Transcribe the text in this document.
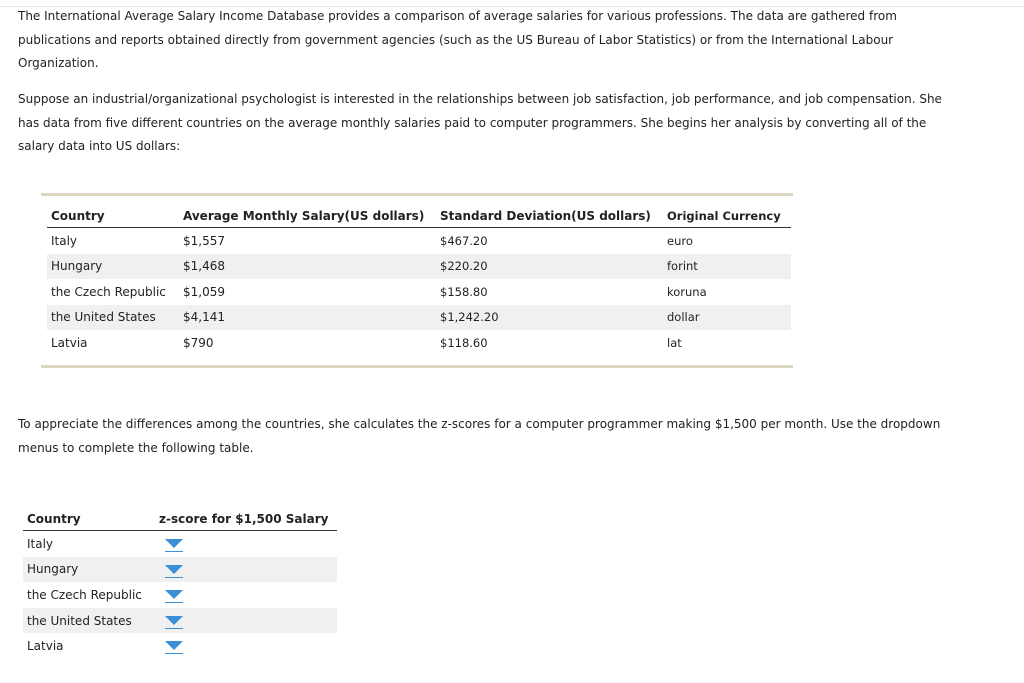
The International Average Salary Income Database provides a comparison of average salaries for various professions. The data are gathered from publications and reports obtained directly from government agencies (such as the US Bureau of Labor Statistics) or from the International Labour Organization.

Suppose an industrial/organizational psychologist is interested in the relationships between job satisfaction, job performance, and job compensation. She has data from five different countries on the average monthly salaries paid to computer programmers. She begins her analysis by converting all of the salary data into US dollars:

Country	Average Monthly Salary(US dollars)	Standard Deviation(US dollars)	Original Currency
Italy	$1,557	$467.20	euro
Hungary	$1,468	$220.20	forint
the Czech Republic	$1,059	$158.80	koruna
the United States	$4,141	$1,242.20	dollar
Latvia	$790	$118.60	lat

To appreciate the differences among the countries, she calculates the z-scores for a computer programmer making $1,500 per month. Use the dropdown menus to complete the following table.

Country	z-score for $1,500 Salary
Italy	

Hungary	

the Czech Republic	

the United States	

Latvia	
